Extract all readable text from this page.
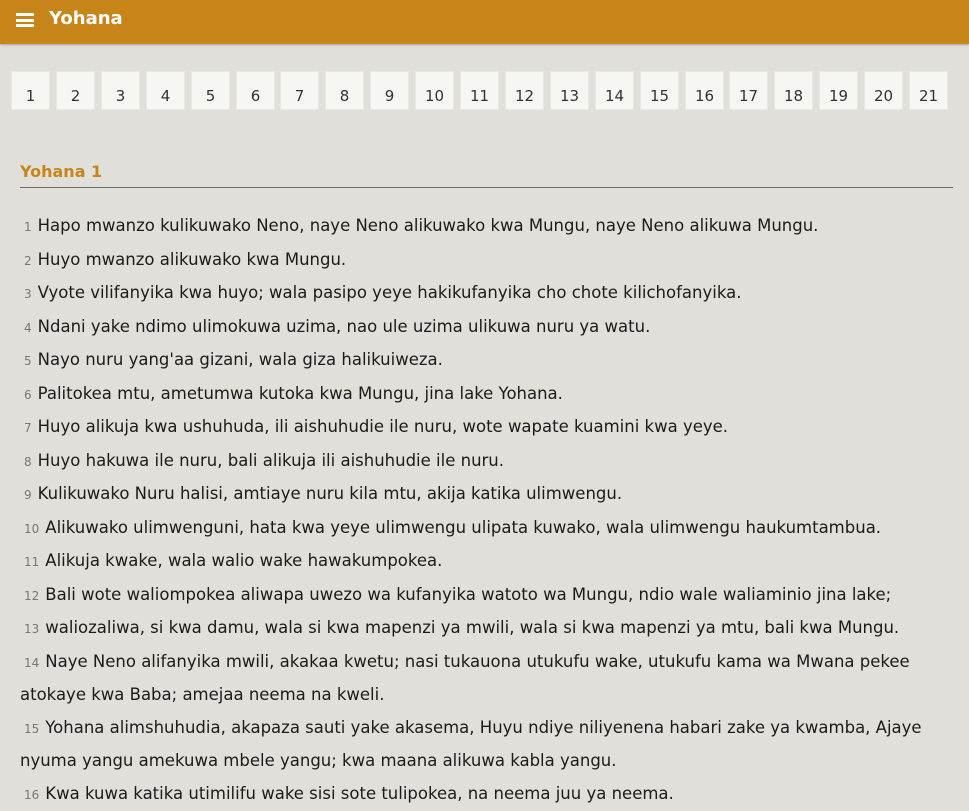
Yohana
1	2	3	4	5	6	7	8	9	10	11	12	13	14	15	16	17	18	19	20	21
Yohana 1

1 Hapo mwanzo kulikuwako Neno, naye Neno alikuwako kwa Mungu, naye Neno alikuwa Mungu.

2 Huyo mwanzo alikuwako kwa Mungu.

3 Vyote vilifanyika kwa huyo; wala pasipo yeye hakikufanyika cho chote kilichofanyika.

4 Ndani yake ndimo ulimokuwa uzima, nao ule uzima ulikuwa nuru ya watu.

5 Nayo nuru yang'aa gizani, wala giza halikuiweza.

6 Palitokea mtu, ametumwa kutoka kwa Mungu, jina lake Yohana.

7 Huyo alikuja kwa ushuhuda, ili aishuhudie ile nuru, wote wapate kuamini kwa yeye.

8 Huyo hakuwa ile nuru, bali alikuja ili aishuhudie ile nuru.

9 Kulikuwako Nuru halisi, amtiaye nuru kila mtu, akija katika ulimwengu.

10 Alikuwako ulimwenguni, hata kwa yeye ulimwengu ulipata kuwako, wala ulimwengu haukumtambua.

11 Alikuja kwake, wala walio wake hawakumpokea.

12 Bali wote waliompokea aliwapa uwezo wa kufanyika watoto wa Mungu, ndio wale waliaminio jina lake;

13 waliozaliwa, si kwa damu, wala si kwa mapenzi ya mwili, wala si kwa mapenzi ya mtu, bali kwa Mungu.

14 Naye Neno alifanyika mwili, akakaa kwetu; nasi tukauona utukufu wake, utukufu kama wa Mwana pekee atokaye kwa Baba; amejaa neema na kweli.

15 Yohana alimshuhudia, akapaza sauti yake akasema, Huyu ndiye niliyenena habari zake ya kwamba, Ajaye nyuma yangu amekuwa mbele yangu; kwa maana alikuwa kabla yangu.

16 Kwa kuwa katika utimilifu wake sisi sote tulipokea, na neema juu ya neema.
